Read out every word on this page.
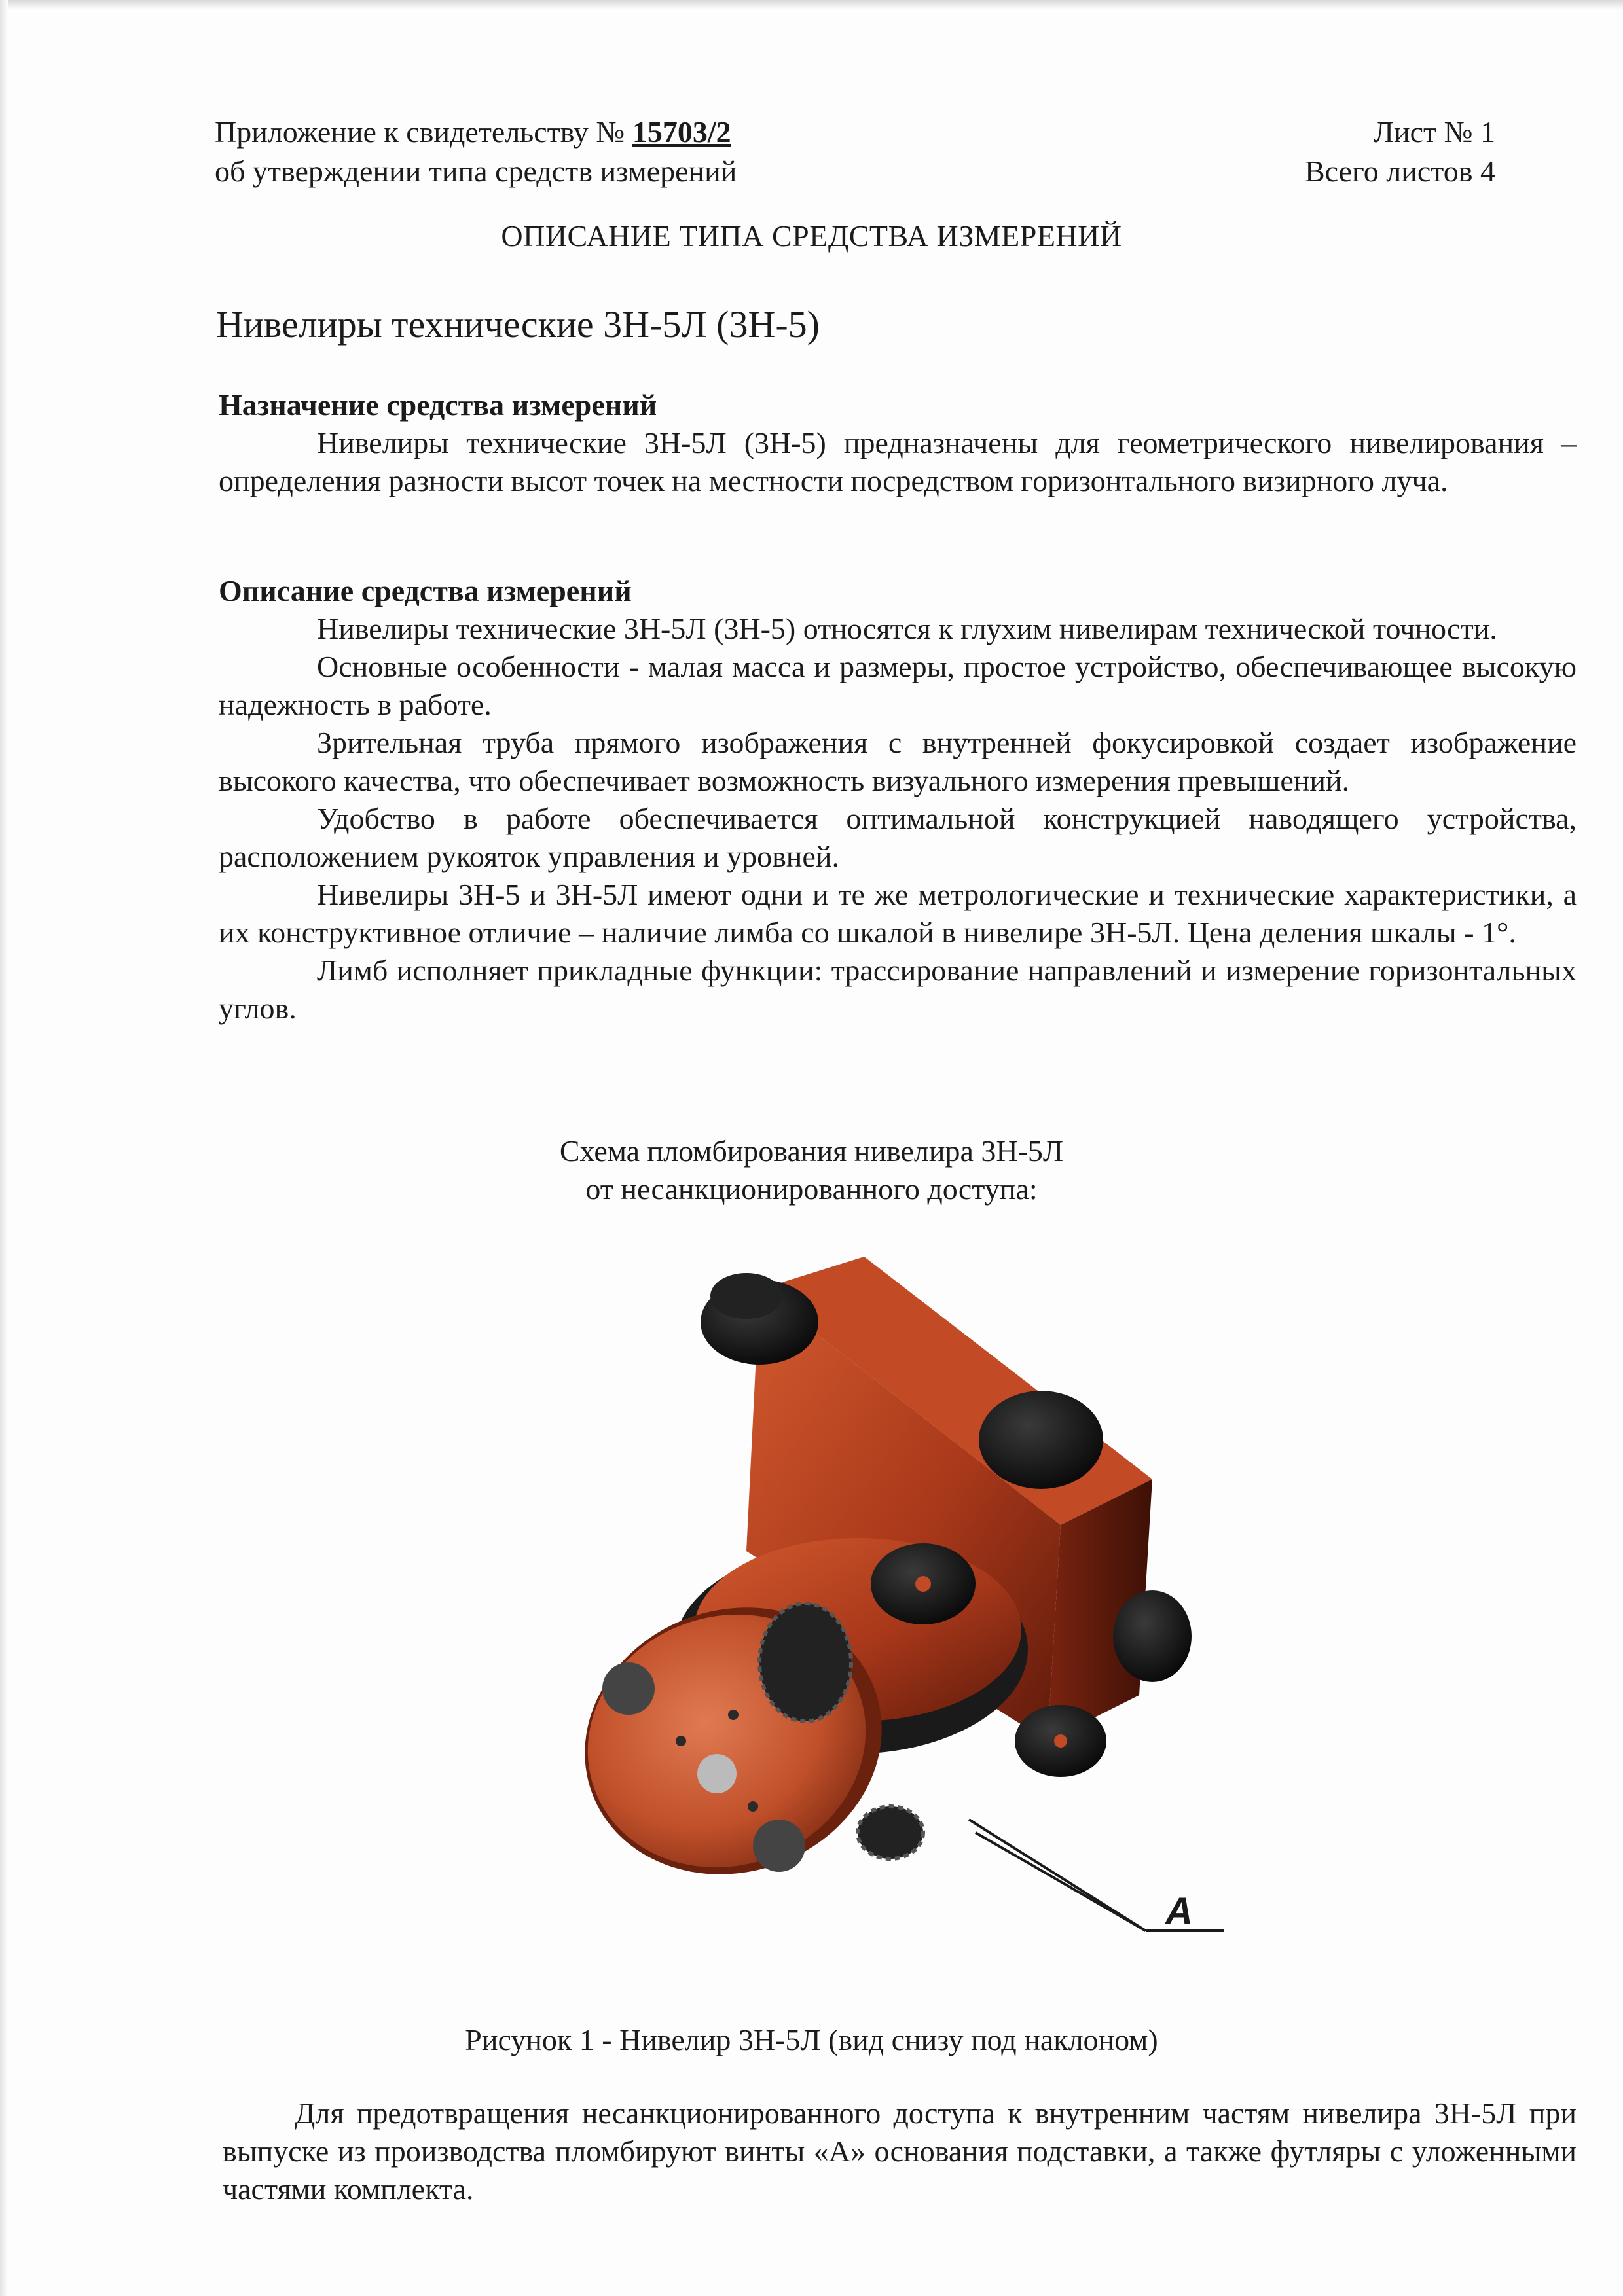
Приложение к свидетельству № 15703/2
об утверждении типа средств измерений
Лист № 1
Всего листов 4
ОПИСАНИЕ ТИПА СРЕДСТВА ИЗМЕРЕНИЙ
Нивелиры технические 3Н-5Л (3Н-5)
Назначение средства измерений

Нивелиры технические 3Н-5Л (3Н-5) предназначены для геометрического нивелирования – определения разности высот точек на местности посредством горизонтального визирного луча.

Описание средства измерений

Нивелиры технические 3Н-5Л (3Н-5) относятся к глухим нивелирам технической точности.

Основные особенности - малая масса и размеры, простое устройство, обеспечивающее высокую надежность в работе.

Зрительная труба прямого изображения с внутренней фокусировкой создает изображение высокого качества, что обеспечивает возможность визуального измерения превышений.

Удобство в работе обеспечивается оптимальной конструкцией наводящего устройства, расположением рукояток управления и уровней.

Нивелиры 3Н-5 и 3Н-5Л имеют одни и те же метрологические и технические характеристики, а их конструктивное отличие – наличие лимба со шкалой в нивелире 3Н-5Л. Цена деления шкалы - 1°.

Лимб исполняет прикладные функции: трассирование направлений и измерение горизонтальных углов.

Схема пломбирования нивелира 3Н-5Л
от несанкционированного доступа:
A
Рисунок 1 - Нивелир 3Н-5Л (вид снизу под наклоном)

Для предотвращения несанкционированного доступа к внутренним частям нивелира 3Н-5Л при выпуске из производства пломбируют винты «А» основания подставки, а также футляры с уложенными частями комплекта.
